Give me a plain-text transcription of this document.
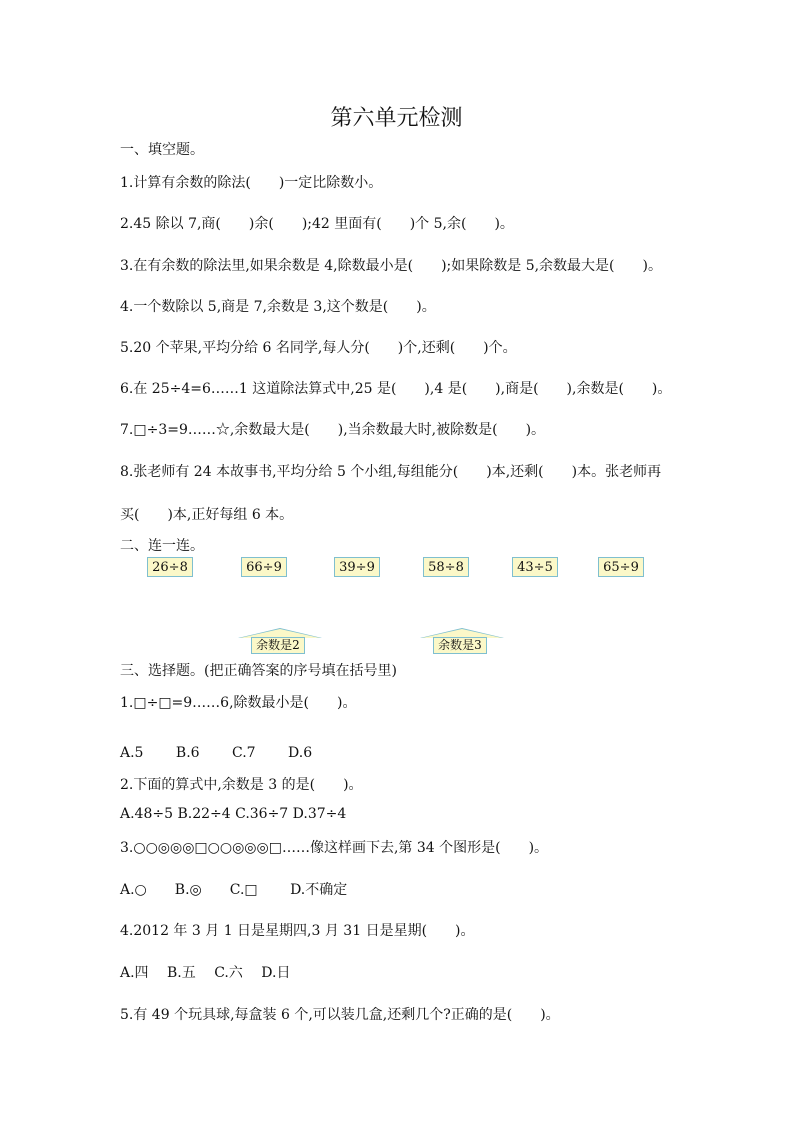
第六单元检测
一、填空题。
1.计算有余数的除法(　　)一定比除数小。
2.45 除以 7,商(　　)余(　　);42 里面有(　　)个 5,余(　　)。
3.在有余数的除法里,如果余数是 4,除数最小是(　　);如果除数是 5,余数最大是(　　)。
4.一个数除以 5,商是 7,余数是 3,这个数是(　　)。
5.20 个苹果,平均分给 6 名同学,每人分(　　)个,还剩(　　)个。
6.在 25÷4=6……1 这道除法算式中,25 是(　　),4 是(　　),商是(　　),余数是(　　)。
7.□÷3=9……☆,余数最大是(　　),当余数最大时,被除数是(　　)。
8.张老师有 24 本故事书,平均分给 5 个小组,每组能分(　　)本,还剩(　　)本。张老师再
买(　　)本,正好每组 6 本。
二、连一连。
26÷8	66÷9	39÷9	58÷8	43÷5	65÷9
余数是2	余数是3
三、选择题。(把正确答案的序号填在括号里)
1.□÷□=9……6,除数最小是(　　)。
A.5　　 B.6　　 C.7　　 D.6
2.下面的算式中,余数是 3 的是(　　)。
A.48÷5 B.22÷4 C.36÷7 D.37÷4
3.○○◎◎◎□○○◎◎◎□……像这样画下去,第 34 个图形是(　　)。
A.○　　B.◎　　C.□　　 D.不确定
4.2012 年 3 月 1 日是星期四,3 月 31 日是星期(　　)。
A.四　 B.五　 C.六　 D.日
5.有 49 个玩具球,每盒装 6 个,可以装几盒,还剩几个?正确的是(　　)。
